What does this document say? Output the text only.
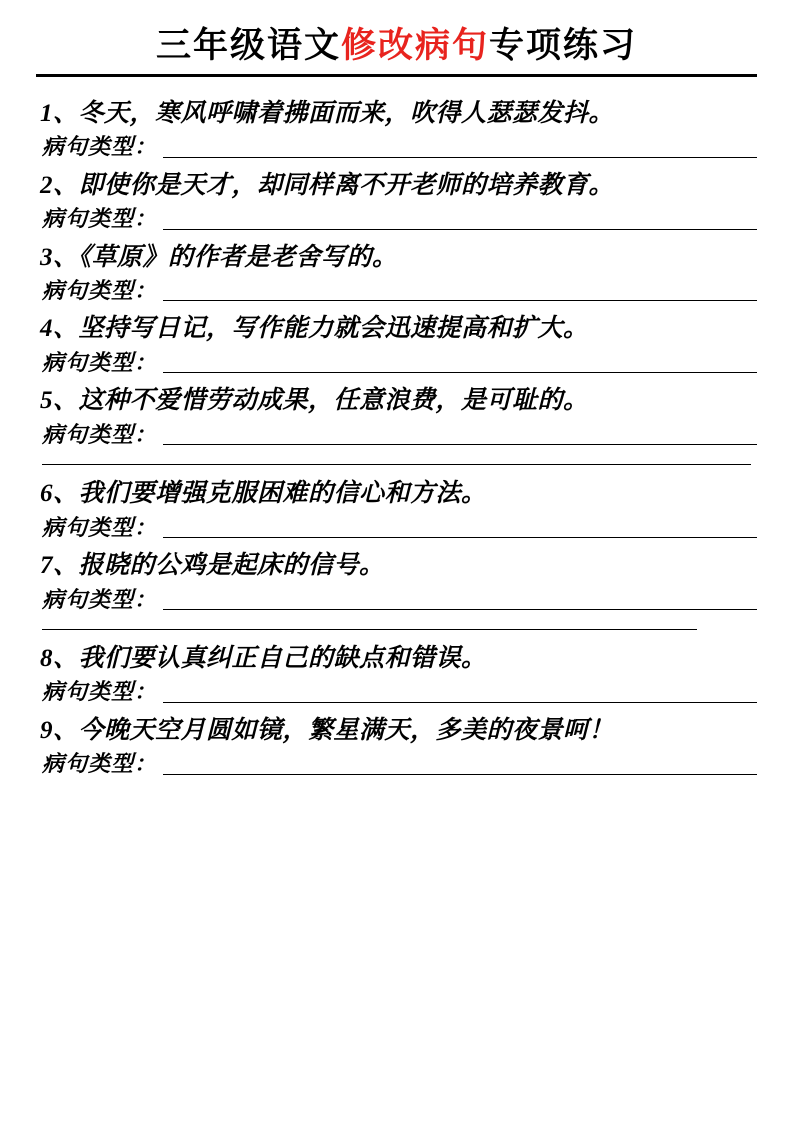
三年级语文修改病句专项练习
1、冬天，寒风呼啸着拂面而来，吹得人瑟瑟发抖。
病句类型：
2、即使你是天才，却同样离不开老师的培养教育。
病句类型：
3、《草原》的作者是老舍写的。
病句类型：
4、坚持写日记，写作能力就会迅速提高和扩大。
病句类型：
5、这种不爱惜劳动成果，任意浪费，是可耻的。
病句类型：
6、我们要增强克服困难的信心和方法。
病句类型：
7、报晓的公鸡是起床的信号。
病句类型：
8、我们要认真纠正自己的缺点和错误。
病句类型：
9、今晚天空月圆如镜，繁星满天，多美的夜景呵！
病句类型：
